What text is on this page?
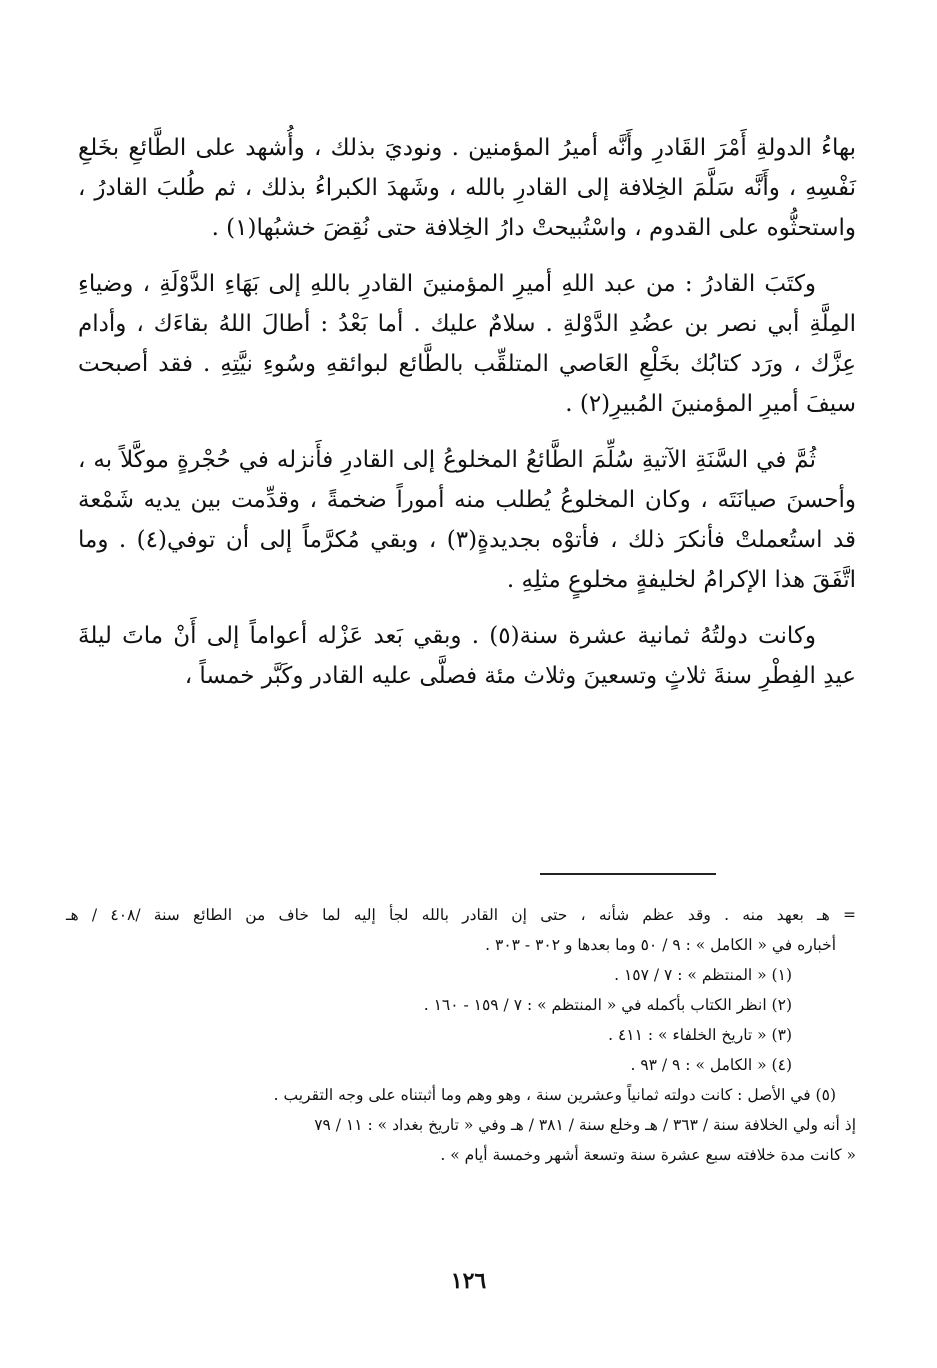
بهاءُ الدولةِ أَمْرَ القَادرِ وأَنَّه أميرُ المؤمنين . ونوديَ بذلك ، وأُشهد على الطَّائعِ بخَلعِ نَفْسِهِ ، وأَنَّه سَلَّمَ الخِلافة إلى القادرِ بالله ، وشَهدَ الكبراءُ بذلك ، ثم طُلبَ القادرُ ، واستحثُّوه على القدوم ، واسْتُبيحتْ دارُ الخِلافة حتى نُقِضَ خشبُها(١) .

وكتَبَ القادرُ : من عبد اللهِ أميرِ المؤمنينَ القادرِ باللهِ إلى بَهَاءِ الدَّوْلَةِ ، وضياءِ المِلَّةِ أبي نصر بن عضُدِ الدَّوْلةِ . سلامٌ عليك . أما بَعْدُ : أطالَ اللهُ بقاءَك ، وأدام عِزَّك ، ورَد كتابُك بخَلْعِ العَاصي المتلقِّب بالطَّائع لبوائقهِ وسُوءِ نيَّتِهِ . فقد أصبحت سيفَ أميرِ المؤمنينَ المُبيرِ(٢) .

ثُمَّ في السَّنَةِ الآتيةِ سُلِّمَ الطَّائعُ المخلوعُ إلى القادرِ فأَنزله في حُجْرةٍ موكَّلاً به ، وأحسنَ صيانَتَه ، وكان المخلوعُ يُطلب منه أموراً ضخمةً ، وقدِّمت بين يديه شَمْعة قد استُعملتْ فأنكرَ ذلك ، فأتوْه بجديدةٍ(٣) ، وبقي مُكرَّماً إلى أن توفي(٤) . وما اتَّفَقَ هذا الإكرامُ لخليفةٍ مخلوعٍ مثلِهِ .

وكانت دولتُهُ ثمانية عشرة سنة(٥) . وبقي بَعد عَزْله أعواماً إلى أَنْ ماتَ ليلةَ عيدِ الفِطْرِ سنةَ ثلاثٍ وتسعينَ وثلاث مئة فصلَّى عليه القادر وكَبَّر خمساً ،

= هـ بعهد منه . وقد عظم شأنه ، حتى إن القادر بالله لجأ إليه لما خاف من الطائع سنة /٤٠٨ / هـ

أخباره في « الكامل » : ٩ / ٥٠ وما بعدها و ٣٠٢ - ٣٠٣ .

(١) « المنتظم » : ٧ / ١٥٧ .

(٢) انظر الكتاب بأكمله في « المنتظم » : ٧ / ١٥٩ - ١٦٠ .

(٣) « تاريخ الخلفاء » : ٤١١ .

(٤) « الكامل » : ٩ / ٩٣ .

(٥) في الأصل : كانت دولته ثمانياً وعشرين سنة ، وهو وهم وما أثبتناه على وجه التقريب .

إذ أنه ولي الخلافة سنة / ٣٦٣ / هـ وخلع سنة / ٣٨١ / هـ وفي « تاريخ بغداد » : ١١ / ٧٩

« كانت مدة خلافته سبع عشرة سنة وتسعة أشهر وخمسة أيام » .

١٢٦
